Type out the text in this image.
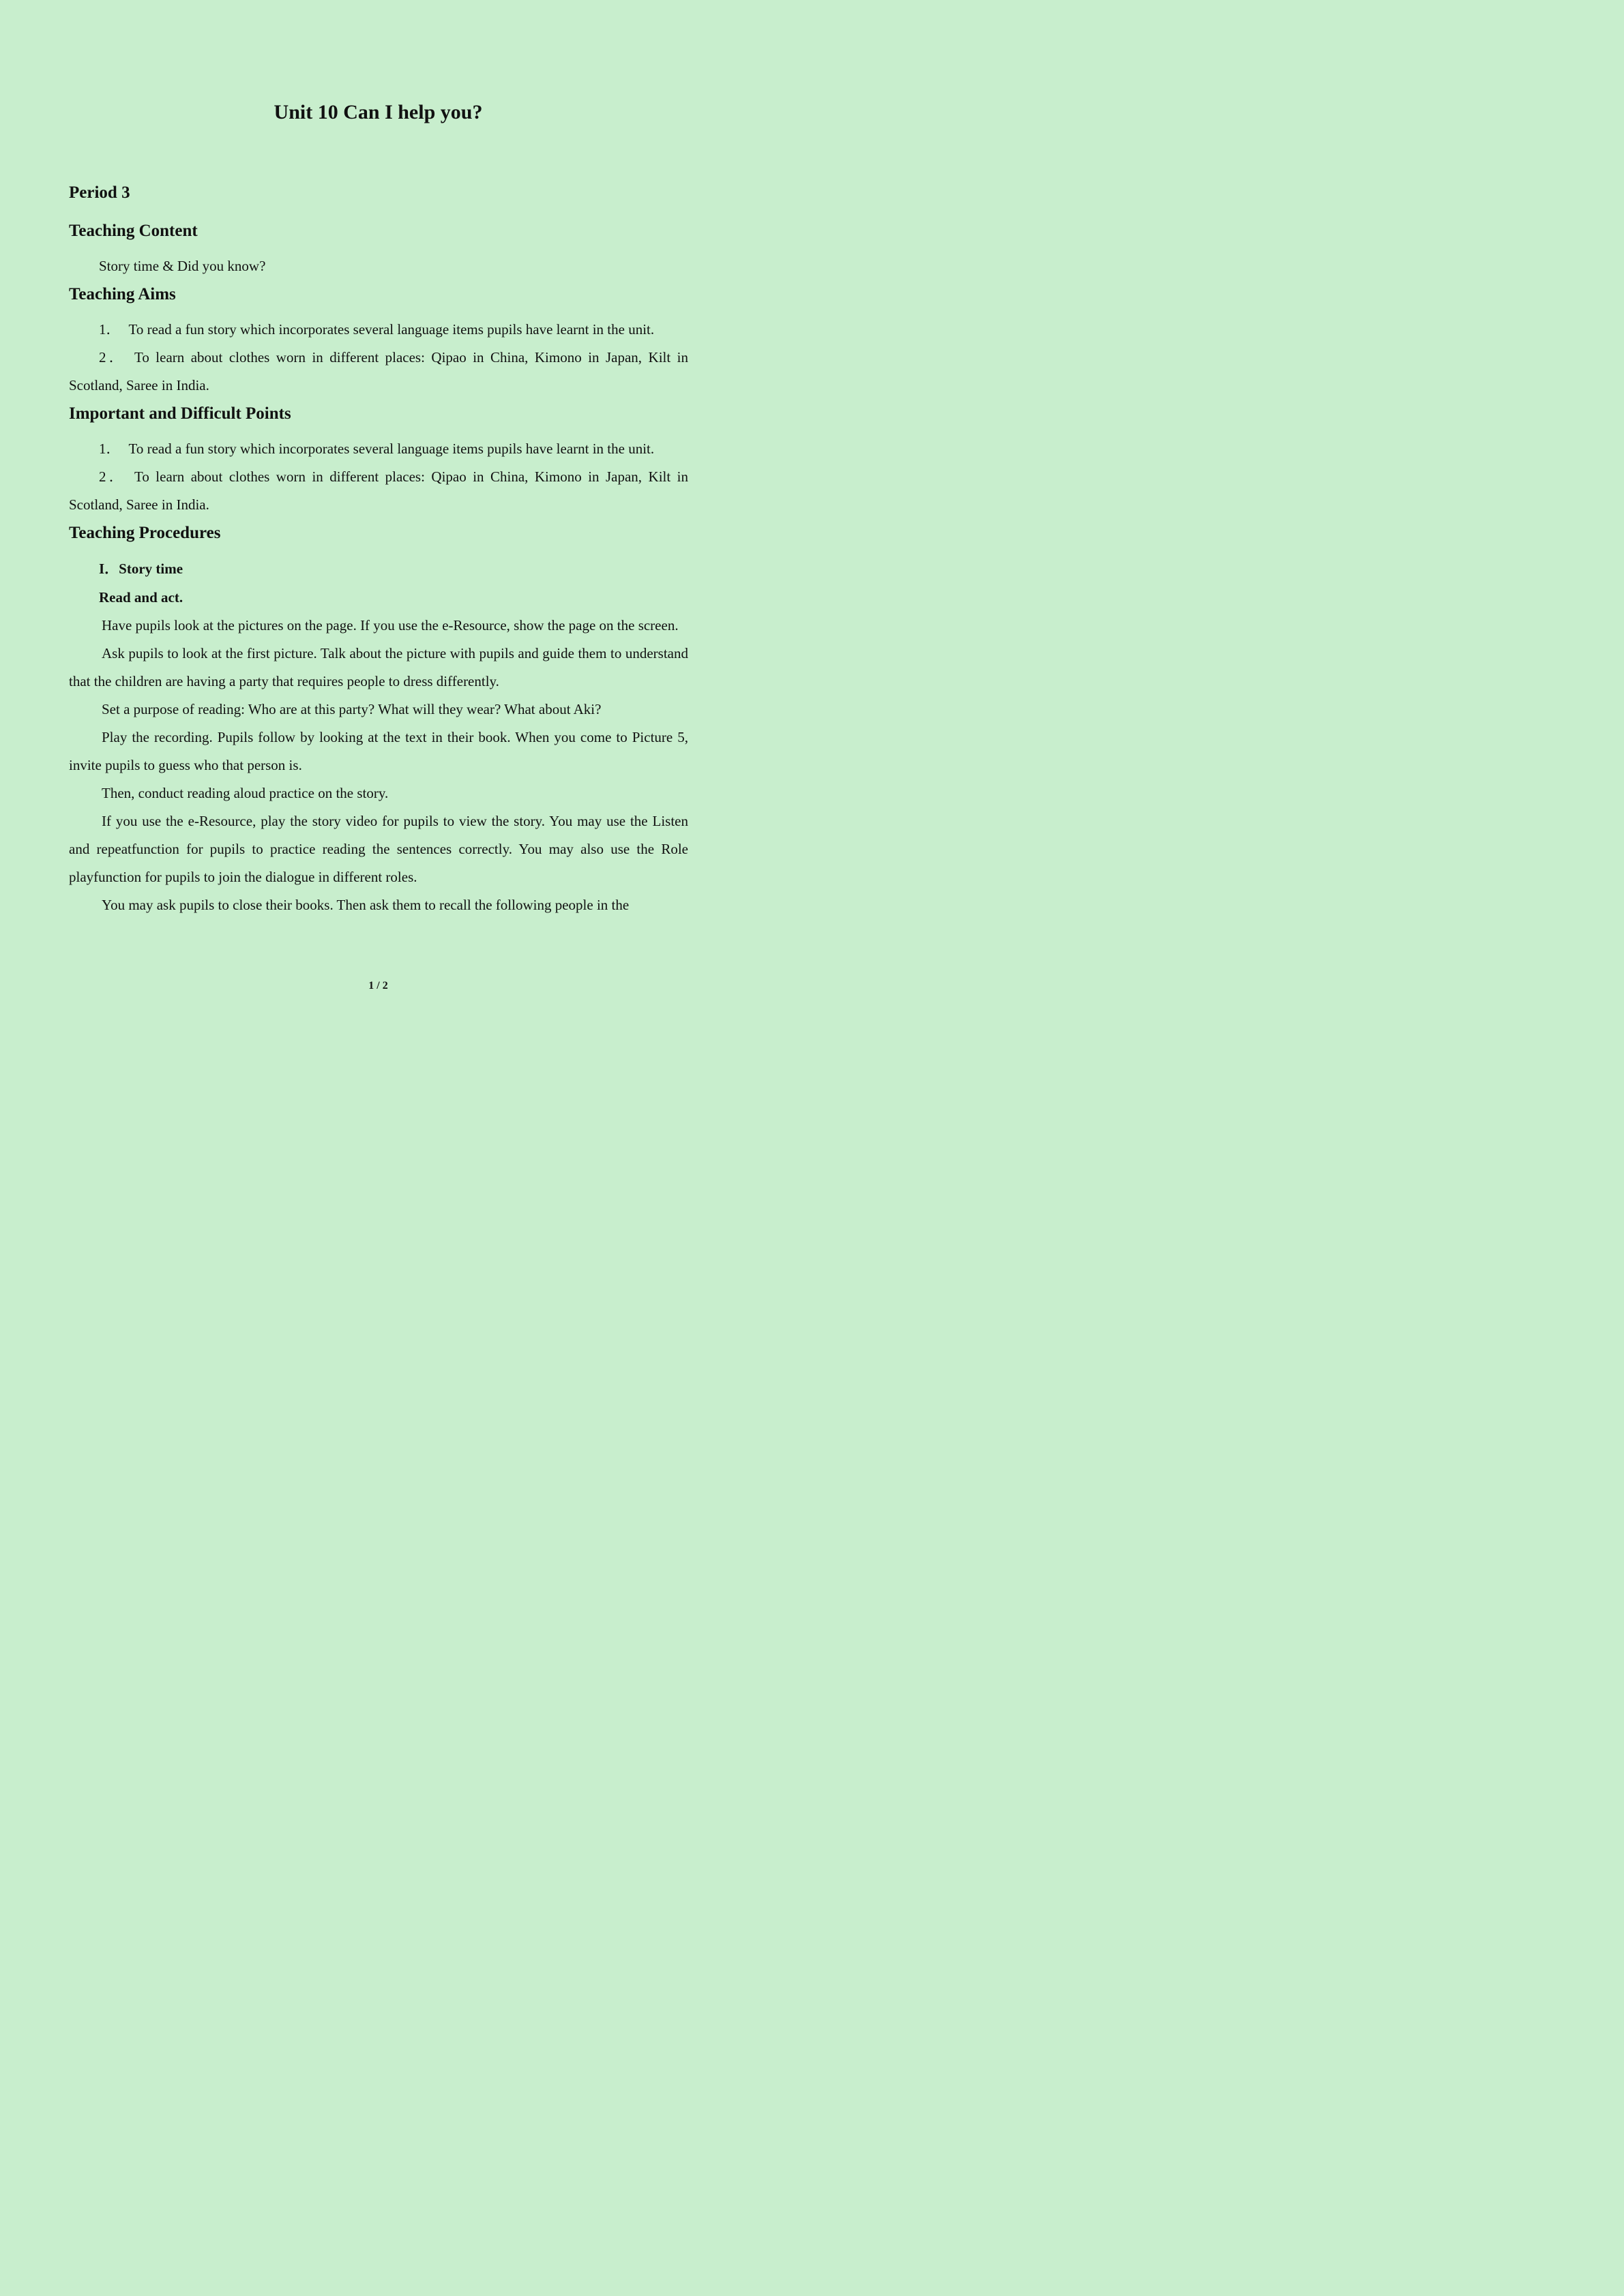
Unit 10 Can I help you?
Period 3
Teaching Content

Story time & Did you know?

Teaching Aims

1． To read a fun story which incorporates several language items pupils have learnt in the unit.

2． To learn about clothes worn in different places: Qipao in China, Kimono in Japan, Kilt in Scotland, Saree in India.

Important and Difficult Points

1． To read a fun story which incorporates several language items pupils have learnt in the unit.

2． To learn about clothes worn in different places: Qipao in China, Kimono in Japan, Kilt in Scotland, Saree in India.

Teaching Procedures
I．Story time
Read and act.

Have pupils look at the pictures on the page. If you use the e-Resource, show the page on the screen.

Ask pupils to look at the first picture. Talk about the picture with pupils and guide them to understand that the children are having a party that requires people to dress differently.

Set a purpose of reading: Who are at this party? What will they wear? What about Aki?

Play the recording. Pupils follow by looking at the text in their book. When you come to Picture 5, invite pupils to guess who that person is.

Then, conduct reading aloud practice on the story.

If you use the e-Resource, play the story video for pupils to view the story. You may use the Listen and repeatfunction for pupils to practice reading the sentences correctly. You may also use the Role playfunction for pupils to join the dialogue in different roles.

You may ask pupils to close their books. Then ask them to recall the following people in the

1 / 2
